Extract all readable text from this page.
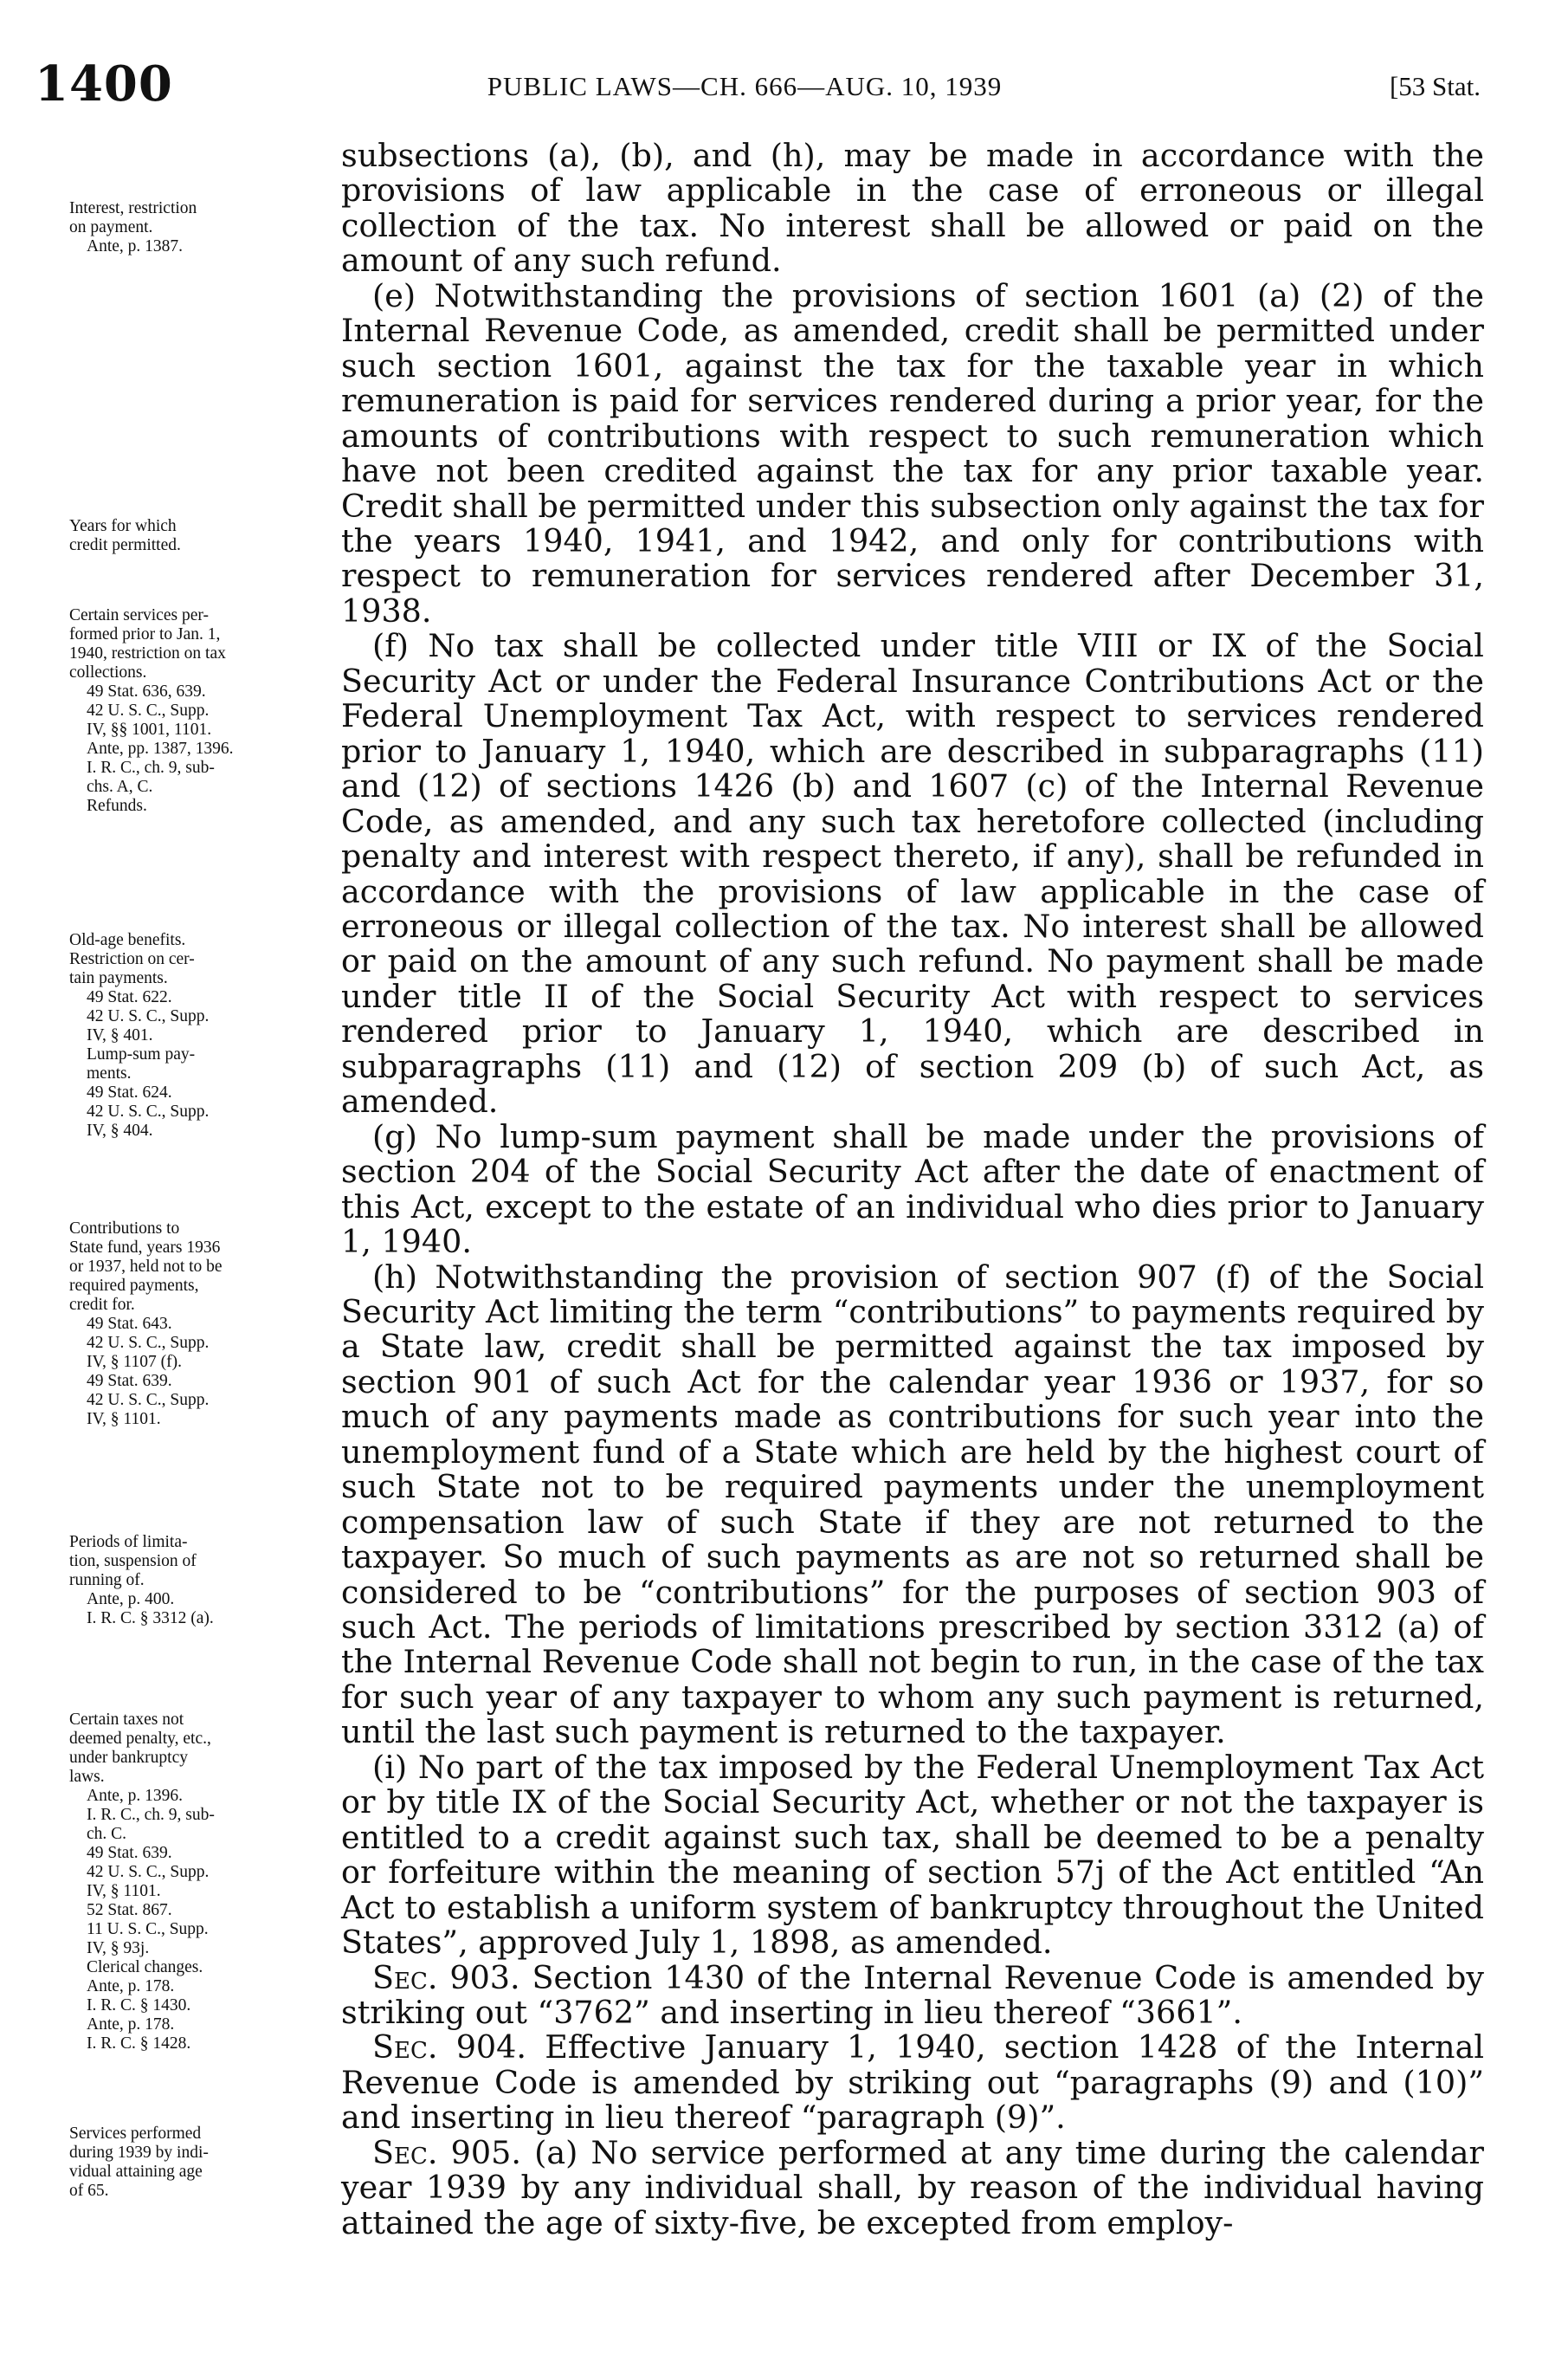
1400	PUBLIC LAWS—CH. 666—AUG. 10, 1939	[53 Stat.
Interest, restriction
on payment.
Ante, p. 1387.
Years for which
credit permitted.
Certain services per-
formed prior to Jan. 1,
1940, restriction on tax
collections.
49 Stat. 636, 639.
42 U. S. C., Supp.
IV, §§ 1001, 1101.
Ante, pp. 1387, 1396.
I. R. C., ch. 9, sub-
chs. A, C.
Refunds.
Old-age benefits.
Restriction on cer-
tain payments.
49 Stat. 622.
42 U. S. C., Supp.
IV, § 401.
Lump-sum pay-
ments.
49 Stat. 624.
42 U. S. C., Supp.
IV, § 404.
Contributions to
State fund, years 1936
or 1937, held not to be
required payments,
credit for.
49 Stat. 643.
42 U. S. C., Supp.
IV, § 1107 (f).
49 Stat. 639.
42 U. S. C., Supp.
IV, § 1101.
Periods of limita-
tion, suspension of
running of.
Ante, p. 400.
I. R. C. § 3312 (a).
Certain taxes not
deemed penalty, etc.,
under bankruptcy
laws.
Ante, p. 1396.
I. R. C., ch. 9, sub-
ch. C.
49 Stat. 639.
42 U. S. C., Supp.
IV, § 1101.
52 Stat. 867.
11 U. S. C., Supp.
IV, § 93j.
Clerical changes.
Ante, p. 178.
I. R. C. § 1430.
Ante, p. 178.
I. R. C. § 1428.
Services performed
during 1939 by indi-
vidual attaining age
of 65.

subsections (a), (b), and (h), may be made in accordance with the provisions of law applicable in the case of erroneous or illegal collection of the tax. No interest shall be allowed or paid on the amount of any such refund.

(e) Notwithstanding the provisions of section 1601 (a) (2) of the Internal Revenue Code, as amended, credit shall be permitted under such section 1601, against the tax for the taxable year in which remuneration is paid for services rendered during a prior year, for the amounts of contributions with respect to such remuneration which have not been credited against the tax for any prior taxable year. Credit shall be permitted under this subsection only against the tax for the years 1940, 1941, and 1942, and only for contributions with respect to remuneration for services rendered after December 31, 1938.

(f) No tax shall be collected under title VIII or IX of the Social Security Act or under the Federal Insurance Contributions Act or the Federal Unemployment Tax Act, with respect to services rendered prior to January 1, 1940, which are described in subparagraphs (11) and (12) of sections 1426 (b) and 1607 (c) of the Internal Revenue Code, as amended, and any such tax heretofore collected (including penalty and interest with respect thereto, if any), shall be refunded in accordance with the provisions of law applicable in the case of erroneous or illegal collection of the tax. No interest shall be allowed or paid on the amount of any such refund. No payment shall be made under title II of the Social Security Act with respect to services rendered prior to January 1, 1940, which are described in subparagraphs (11) and (12) of section 209 (b) of such Act, as amended.

(g) No lump-sum payment shall be made under the provisions of section 204 of the Social Security Act after the date of enactment of this Act, except to the estate of an individual who dies prior to January 1, 1940.

(h) Notwithstanding the provision of section 907 (f) of the Social Security Act limiting the term “contributions” to payments required by a State law, credit shall be permitted against the tax imposed by section 901 of such Act for the calendar year 1936 or 1937, for so much of any payments made as contributions for such year into the unemployment fund of a State which are held by the highest court of such State not to be required payments under the unemployment compensation law of such State if they are not returned to the taxpayer. So much of such payments as are not so returned shall be considered to be “contributions” for the purposes of section 903 of such Act. The periods of limitations prescribed by section 3312 (a) of the Internal Revenue Code shall not begin to run, in the case of the tax for such year of any taxpayer to whom any such payment is returned, until the last such payment is returned to the taxpayer.

(i) No part of the tax imposed by the Federal Unemployment Tax Act or by title IX of the Social Security Act, whether or not the taxpayer is entitled to a credit against such tax, shall be deemed to be a penalty or forfeiture within the meaning of section 57j of the Act entitled “An Act to establish a uniform system of bankruptcy throughout the United States”, approved July 1, 1898, as amended.

Sec. 903. Section 1430 of the Internal Revenue Code is amended by striking out “3762” and inserting in lieu thereof “3661”.

Sec. 904. Effective January 1, 1940, section 1428 of the Internal Revenue Code is amended by striking out “paragraphs (9) and (10)” and inserting in lieu thereof “paragraph (9)”.

Sec. 905. (a) No service performed at any time during the calendar year 1939 by any individual shall, by reason of the individual having attained the age of sixty-five, be excepted from employ-
